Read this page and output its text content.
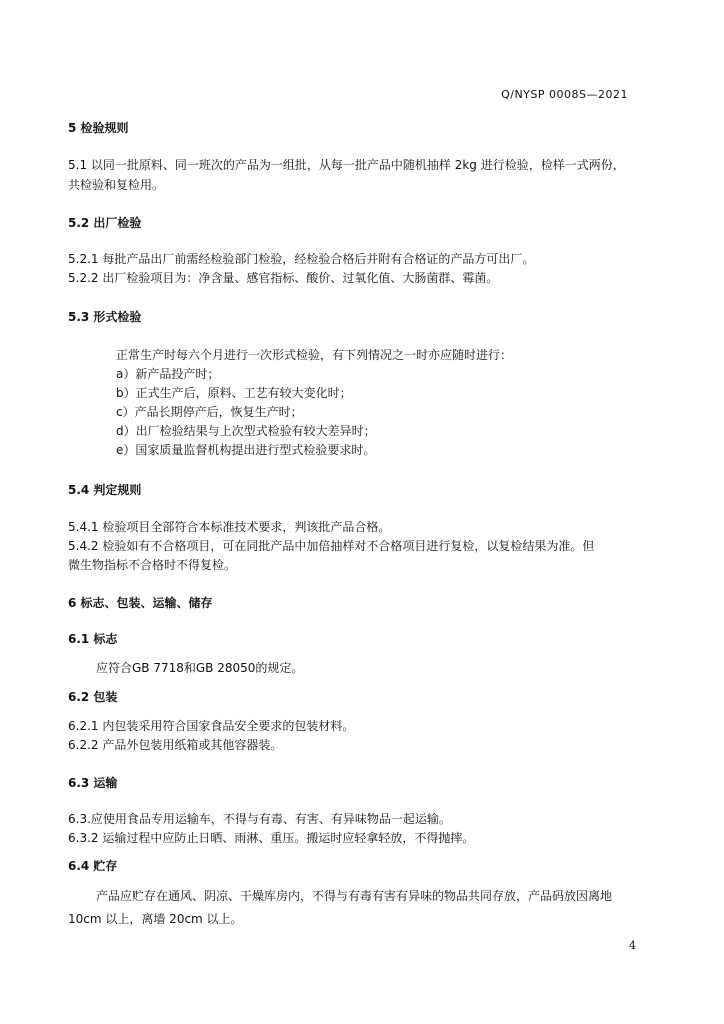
Q/NYSP 0008S—2021
5 检验规则
5.1 以同一批原料、同一班次的产品为一组批，从每一批产品中随机抽样 2kg 进行检验，检样一式两份，
共检验和复检用。
5.2 出厂检验
5.2.1 每批产品出厂前需经检验部门检验，经检验合格后并附有合格证的产品方可出厂。
5.2.2 出厂检验项目为：净含量、感官指标、酸价、过氧化值、大肠菌群、霉菌。
5.3 形式检验
正常生产时每六个月进行一次形式检验，有下列情况之一时亦应随时进行：
a）新产品投产时；
b）正式生产后，原料、工艺有较大变化时；
c）产品长期停产后，恢复生产时；
d）出厂检验结果与上次型式检验有较大差异时；
e）国家质量监督机构提出进行型式检验要求时。
5.4 判定规则
5.4.1 检验项目全部符合本标准技术要求，判该批产品合格。
5.4.2 检验如有不合格项目，可在同批产品中加倍抽样对不合格项目进行复检，以复检结果为准。但
微生物指标不合格时不得复检。
6 标志、包装、运输、储存
6.1 标志
应符合GB 7718和GB 28050的规定。
6.2 包装
6.2.1 内包装采用符合国家食品安全要求的包装材料。
6.2.2 产品外包装用纸箱或其他容器装。
6.3 运输
6.3.应使用食品专用运输车，不得与有毒、有害、有异味物品一起运输。
6.3.2 运输过程中应防止日晒、雨淋、重压。搬运时应轻拿轻放，不得抛摔。
6.4 贮存
产品应贮存在通风、阴凉、干燥库房内，不得与有毒有害有异味的物品共同存放，产品码放因离地
10cm 以上，离墙 20cm 以上。
4
